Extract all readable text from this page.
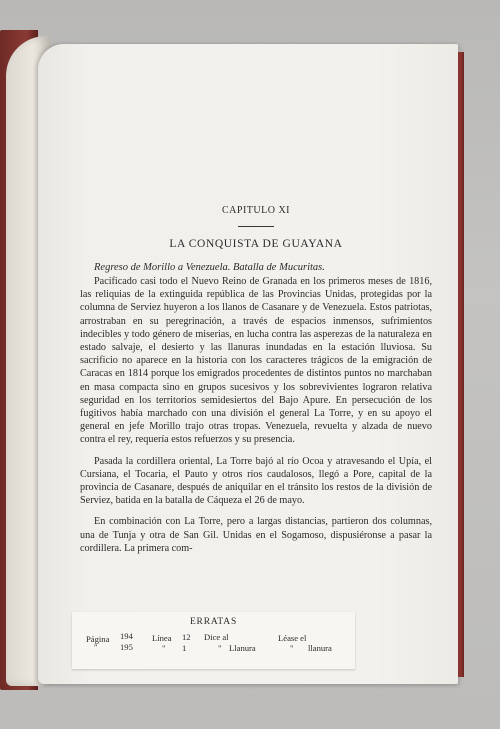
CAPITULO XI

LA CONQUISTA DE GUAYANA

Regreso de Morillo a Venezuela. Batalla de Mucuritas.

Pacificado casi todo el Nuevo Reino de Granada en los primeros meses de 1816, las reliquias de la extinguida república de las Provincias Unidas, protegidas por la columna de Serviez huyeron a los llanos de Casanare y de Venezuela. Estos patriotas, arrostraban en su peregrinación, a través de espacios inmensos, sufrimientos indecibles y todo género de miserias, en lucha contra las asperezas de la naturaleza en estado salvaje, el desierto y las llanuras inundadas en la estación lluviosa. Su sacrificio no aparece en la historia con los caracteres trágicos de la emigración de Caracas en 1814 porque los emigrados procedentes de distintos puntos no marchaban en masa compacta sino en grupos sucesivos y los sobrevivientes lograron relativa seguridad en los territorios semidesiertos del Bajo Apure. En persecución de los fugitivos había marchado con una división el general La Torre, y en su apoyo el general en jefe Morillo trajo otras tropas. Venezuela, revuelta y alzada de nuevo contra el rey, requería estos refuerzos y su presencia.

Pasada la cordillera oriental, La Torre bajó al río Ocoa y atravesando el Upía, el Cursiana, el Tocaria, el Pauto y otros ríos caudalosos, llegó a Pore, capital de la provincia de Casanare, después de aniquilar en el tránsito los restos de la división de Serviez, batida en la batalla de Cáqueza el 26 de mayo.

En combinación con La Torre, pero a largas distancias, partieron dos columnas, una de Tunja y otra de San Gil. Unidas en el Sogamoso, dispusiéronse a pasar la cordillera. La primera com-

ERRATAS
Página 194
195
"
Línea 12
1
"
Dice al
" Llanura
Léase el
" llanura
